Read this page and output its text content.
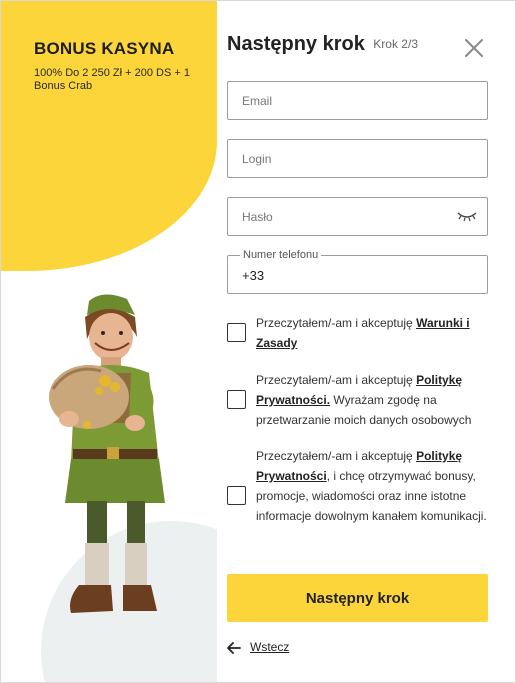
BONUS KASYNA
100% Do 2 250 Zł + 200 DS + 1 Bonus Crab
Następny krok Krok 2/3
Email
Login
Numer telefonu
+33
Przeczytałem/-am i akceptuję Warunki i Zasady
Przeczytałem/-am i akceptuję Politykę Prywatności. Wyrażam zgodę na przetwarzanie moich danych osobowych
Przeczytałem/-am i akceptuję Politykę Prywatności, i chcę otrzymywać bonusy, promocje, wiadomości oraz inne istotne informacje dowolnym kanałem komunikacji.
Następny krok
Wstecz
